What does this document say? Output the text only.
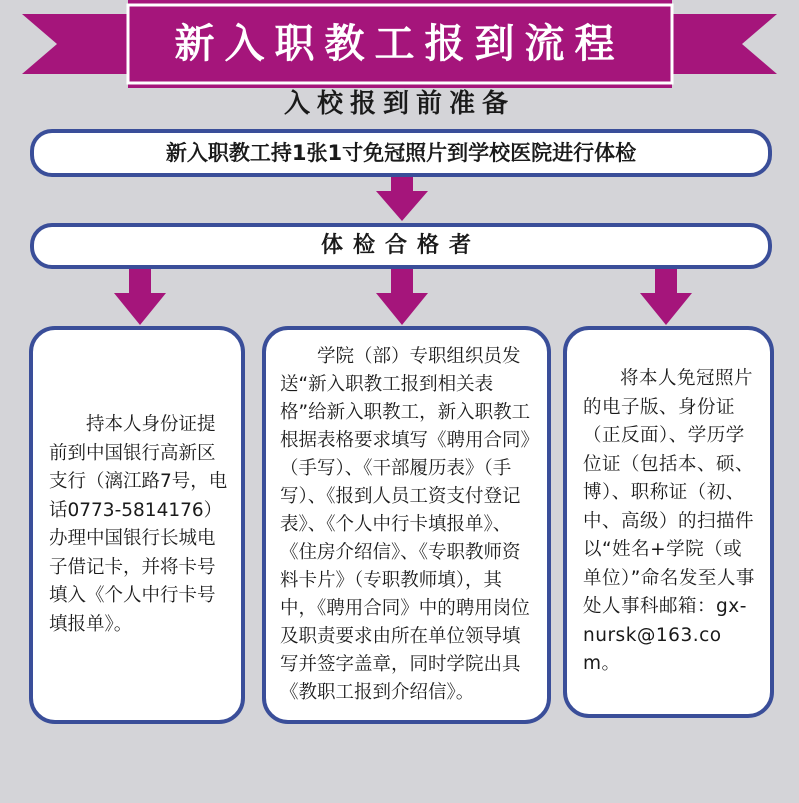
新入职教工报到流程
入校报到前准备
新入职教工持1张1寸免冠照片到学校医院进行体检
体检合格者

持本人身份证提前到中国银行高新区支行（漓江路7号，电话0773-5814176）办理中国银行长城电子借记卡，并将卡号填入《个人中行卡号填报单》。

学院（部）专职组织员发送“新入职教工报到相关表格”给新入职教工，新入职教工根据表格要求填写《聘用合同》（手写）、《干部履历表》（手写）、《报到人员工资支付登记表》、《个人中行卡填报单》、《住房介绍信》、《专职教师资料卡片》（专职教师填），其中，《聘用合同》中的聘用岗位及职责要求由所在单位领导填写并签字盖章，同时学院出具《教职工报到介绍信》。

将本人免冠照片的电子版、身份证（正反面）、学历学位证（包括本、硕、博）、职称证（初、中、高级）的扫描件以“姓名+学院（或单位）”命名发至人事处人事科邮箱：gx-nursk@163.com。
